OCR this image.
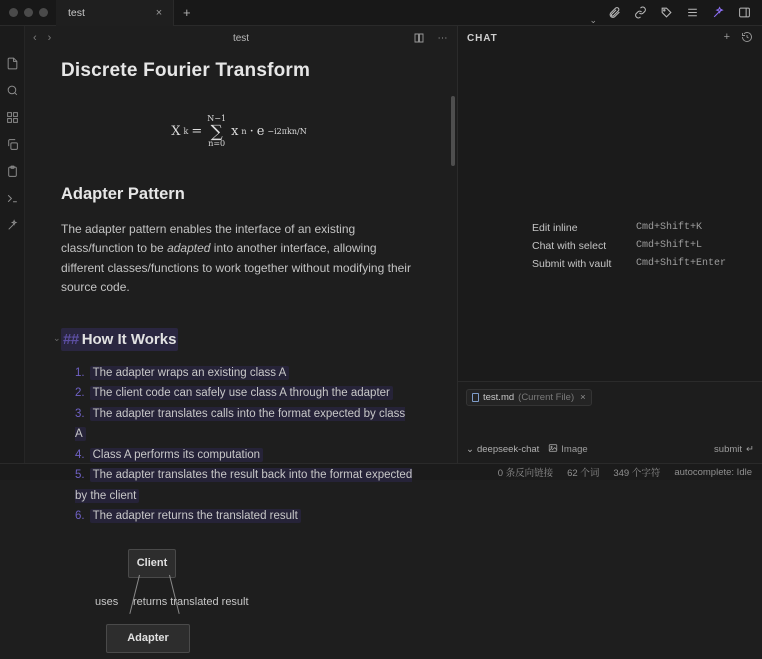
test	×	+	⌄
‹ ›	test	⋯
Discrete Fourier Transform
X k =
N−1
∑
n=0
x n · e −i2πkn/N
Adapter Pattern

The adapter pattern enables the interface of an existing class/function to be adapted into another interface, allowing different classes/functions to work together without modifying their source code.

⌄ ## How It Works
1. The adapter wraps an existing class A
2. The client code can safely use class A through the adapter
3. The adapter translates calls into the format expected by class A
4. Class A performs its computation
5. The adapter translates the result back into the format expected by the client
6. The adapter returns the translated result
Client
uses returns translated result
Adapter
CHAT	+
Edit inline	Cmd+Shift+K
Chat with select	Cmd+Shift+L
Submit with vault	Cmd+Shift+Enter
test.md (Current File) ×
⌄ deepseek-chat Image	submit ↵
0 条反向链接 62 个词 349 个字符 autocomplete: Idle
